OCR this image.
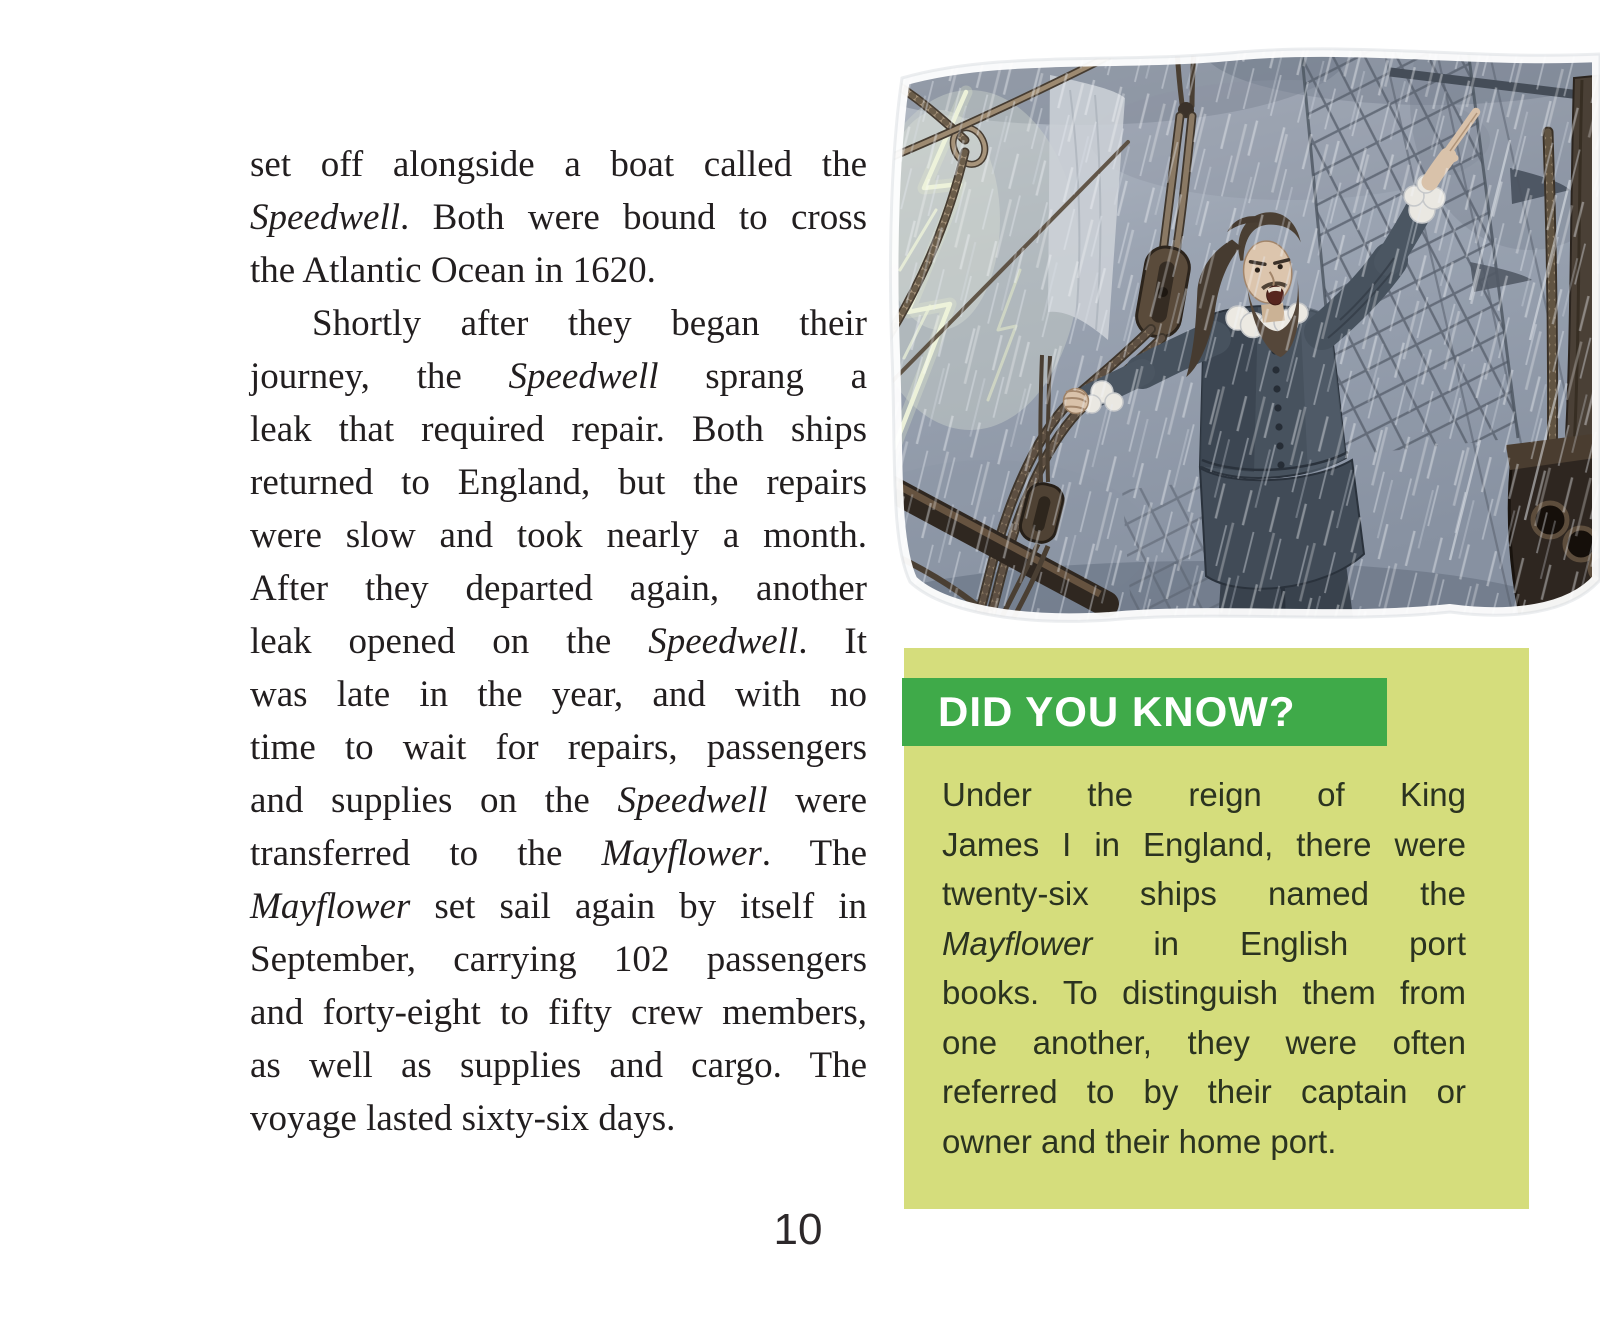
set off alongside a boat called the
Speedwell. Both were bound to cross
the Atlantic Ocean in 1620.
Shortly after they began their
journey, the Speedwell sprang a
leak that required repair. Both ships
returned to England, but the repairs
were slow and took nearly a month.
After they departed again, another
leak opened on the Speedwell. It
was late in the year, and with no
time to wait for repairs, passengers
and supplies on the Speedwell were
transferred to the Mayflower. The
Mayflower set sail again by itself in
September, carrying 102 passengers
and forty-eight to fifty crew members,
as well as supplies and cargo. The
voyage lasted sixty-six days.
DID YOU KNOW?
Under the reign of King
James I in England, there were
twenty-six ships named the
Mayflower in English port
books. To distinguish them from
one another, they were often
referred to by their captain or
owner and their home port.
10
